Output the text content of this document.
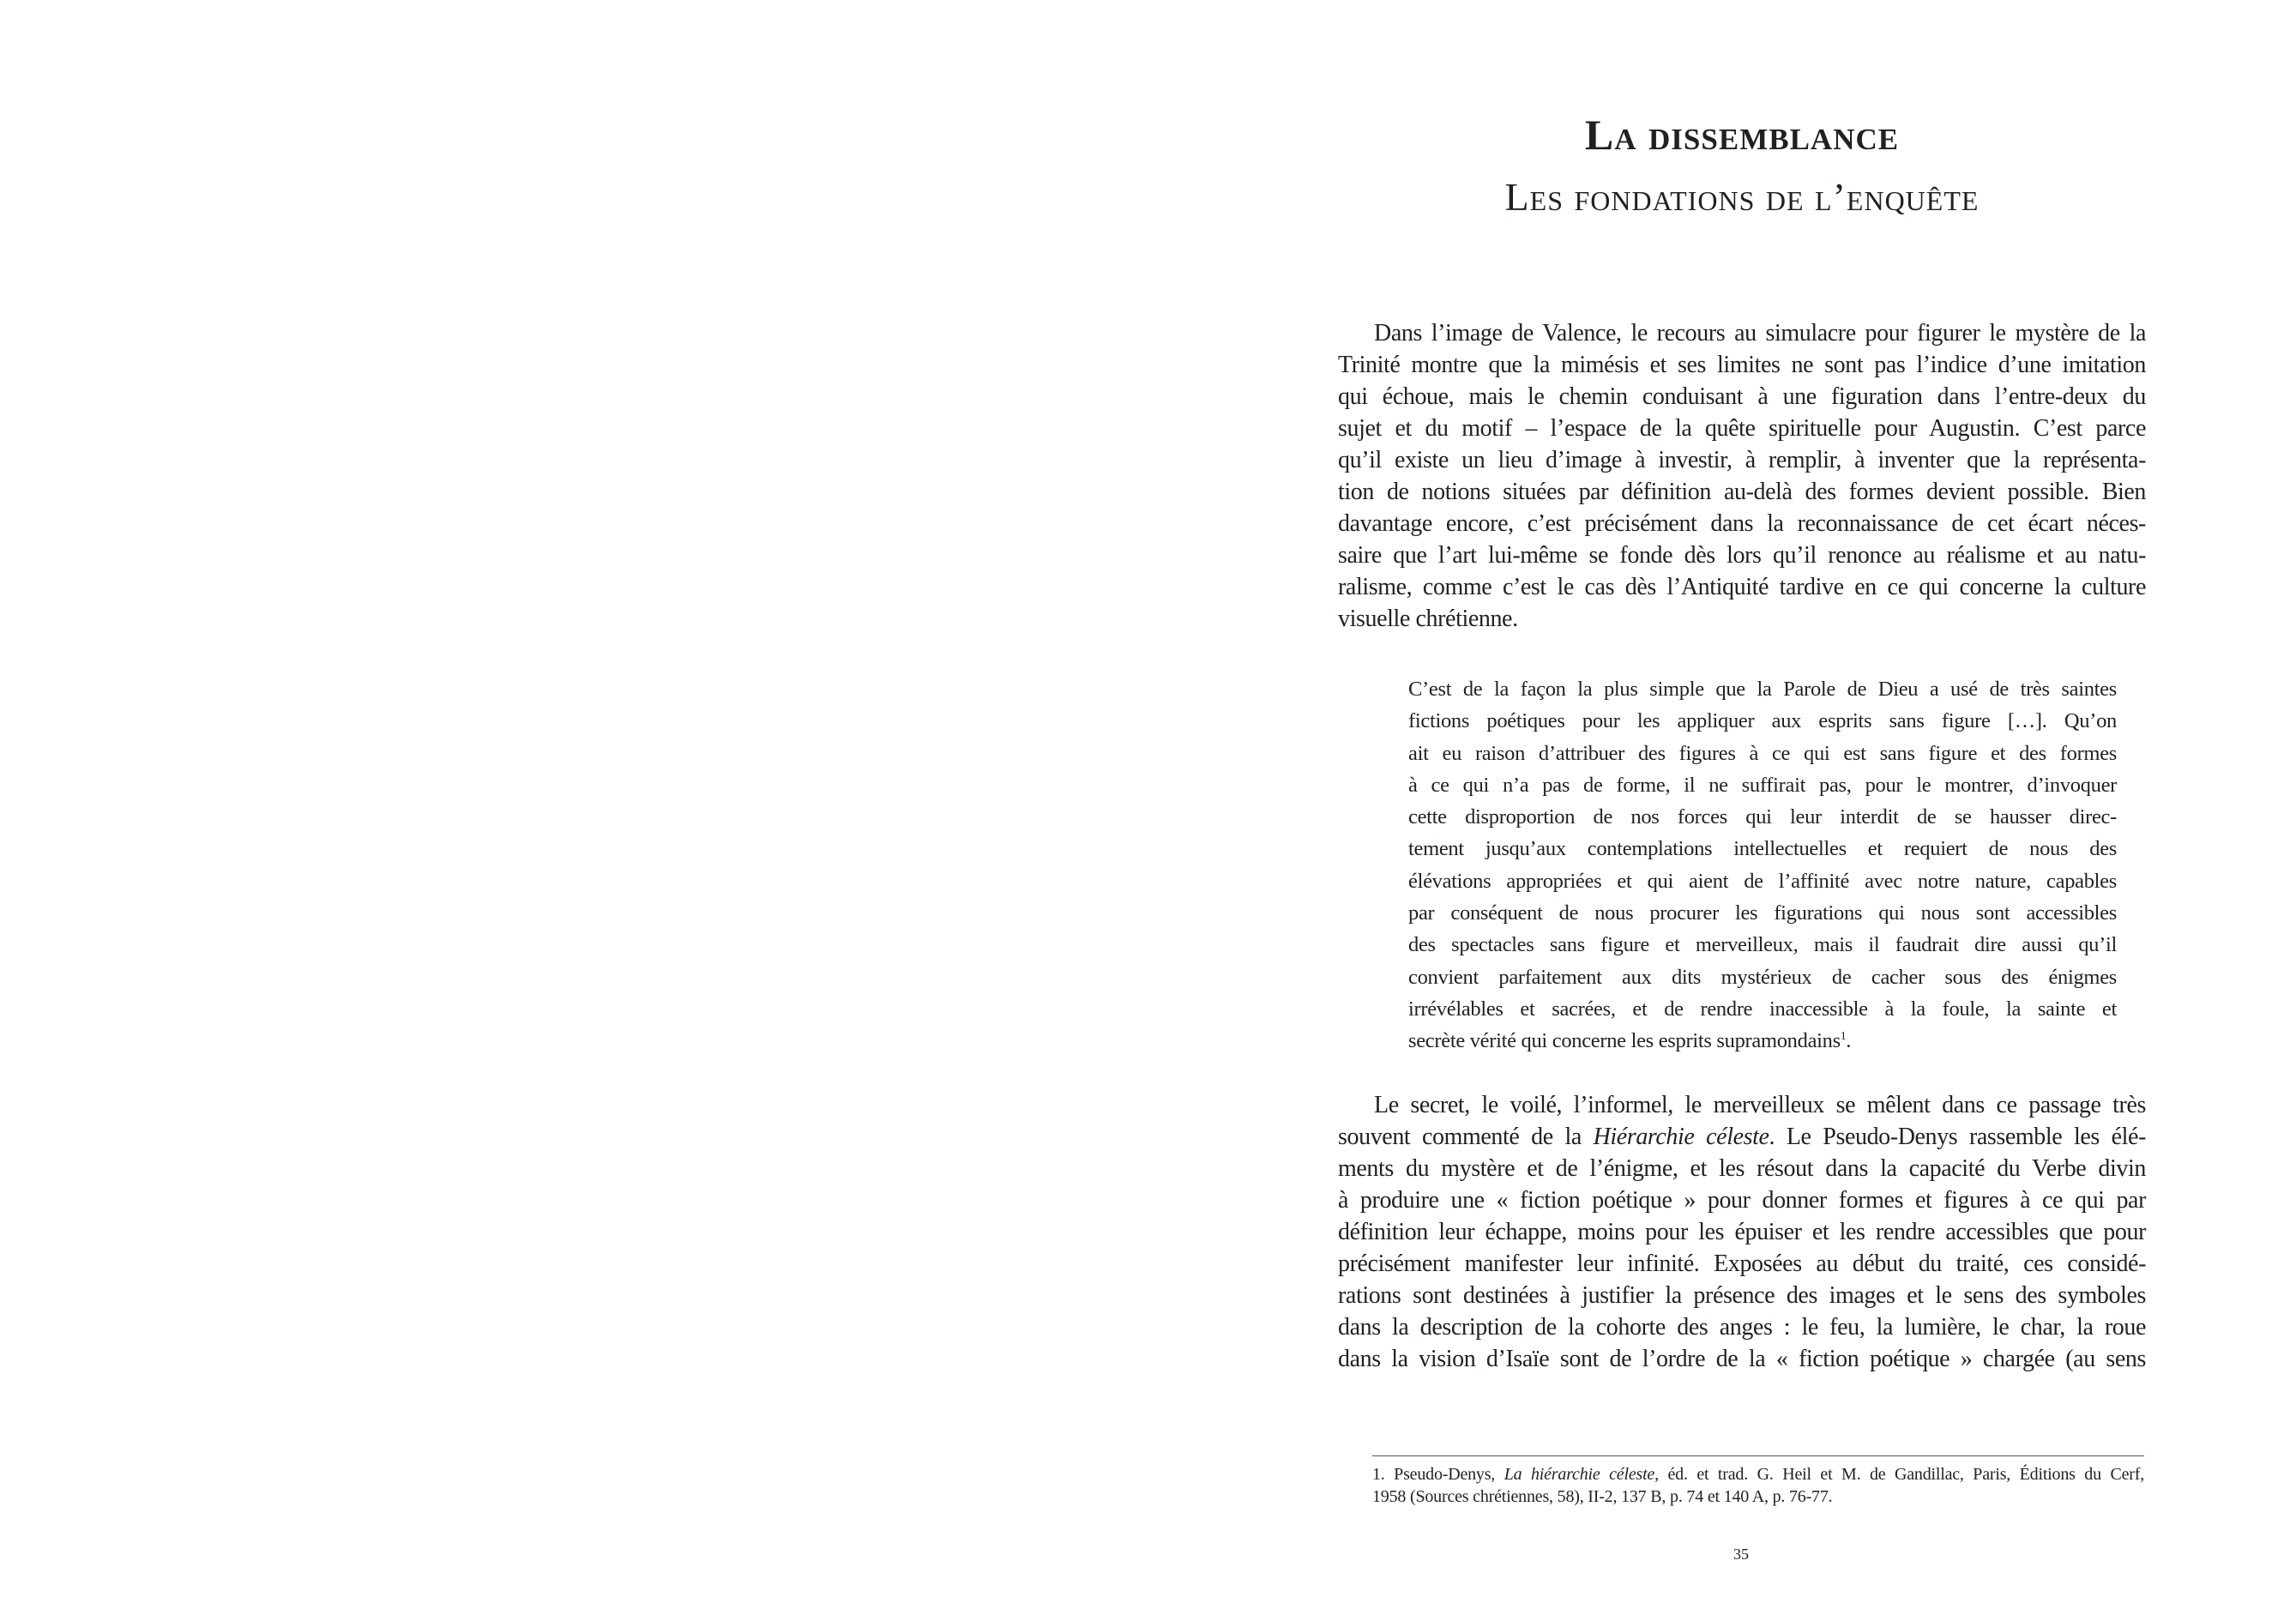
La dissemblance
Les fondations de l’enquête
Dans l’image de Valence, le recours au simulacre pour figurer le mystère de la
Trinité montre que la mimésis et ses limites ne sont pas l’indice d’une imitation
qui échoue, mais le chemin conduisant à une figuration dans l’entre-deux du
sujet et du motif – l’espace de la quête spirituelle pour Augustin. C’est parce
qu’il existe un lieu d’image à investir, à remplir, à inventer que la représenta-
tion de notions situées par définition au-delà des formes devient possible. Bien
davantage encore, c’est précisément dans la reconnaissance de cet écart néces-
saire que l’art lui-même se fonde dès lors qu’il renonce au réalisme et au natu-
ralisme, comme c’est le cas dès l’Antiquité tardive en ce qui concerne la culture
visuelle chrétienne.
C’est de la façon la plus simple que la Parole de Dieu a usé de très saintes
fictions poétiques pour les appliquer aux esprits sans figure […]. Qu’on
ait eu raison d’attribuer des figures à ce qui est sans figure et des formes
à ce qui n’a pas de forme, il ne suffirait pas, pour le montrer, d’invoquer
cette disproportion de nos forces qui leur interdit de se hausser direc-
tement jusqu’aux contemplations intellectuelles et requiert de nous des
élévations appropriées et qui aient de l’affinité avec notre nature, capables
par conséquent de nous procurer les figurations qui nous sont accessibles
des spectacles sans figure et merveilleux, mais il faudrait dire aussi qu’il
convient parfaitement aux dits mystérieux de cacher sous des énigmes
irrévélables et sacrées, et de rendre inaccessible à la foule, la sainte et
secrète vérité qui concerne les esprits supramondains$^1$.
Le secret, le voilé, l’informel, le merveilleux se mêlent dans ce passage très
souvent commenté de la Hiérarchie céleste. Le Pseudo-Denys rassemble les élé-
ments du mystère et de l’énigme, et les résout dans la capacité du Verbe divin
à produire une « fiction poétique » pour donner formes et figures à ce qui par
définition leur échappe, moins pour les épuiser et les rendre accessibles que pour
précisément manifester leur infinité. Exposées au début du traité, ces considé-
rations sont destinées à justifier la présence des images et le sens des symboles
dans la description de la cohorte des anges : le feu, la lumière, le char, la roue
dans la vision d’Isaïe sont de l’ordre de la « fiction poétique » chargée (au sens
1. Pseudo-Denys, La hiérarchie céleste, éd. et trad. G. Heil et M. de Gandillac, Paris, Éditions du Cerf,
1958 (Sources chrétiennes, 58), II-2, 137 B, p. 74 et 140 A, p. 76-77.
35
